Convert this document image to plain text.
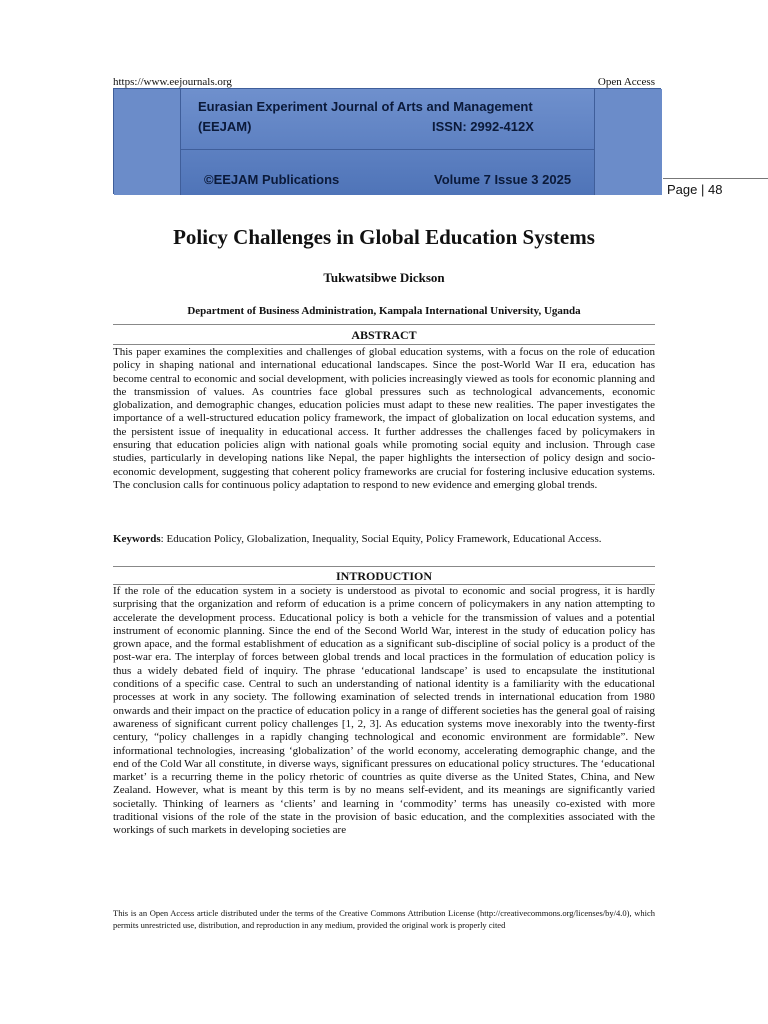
https://www.eejournals.org	Open Access
Eurasian Experiment Journal of Arts and Management
(EEJAM)	ISSN: 2992-412X
©EEJAM Publications	Volume 7 Issue 3 2025
Page | 48
Policy Challenges in Global Education Systems
Tukwatsibwe Dickson
Department of Business Administration, Kampala International University, Uganda
ABSTRACT
This paper examines the complexities and challenges of global education systems, with a focus on the role of education policy in shaping national and international educational landscapes. Since the post-World War II era, education has become central to economic and social development, with policies increasingly viewed as tools for economic planning and the transmission of values. As countries face global pressures such as technological advancements, economic globalization, and demographic changes, education policies must adapt to these new realities. The paper investigates the importance of a well-structured education policy framework, the impact of globalization on local education systems, and the persistent issue of inequality in educational access. It further addresses the challenges faced by policymakers in ensuring that education policies align with national goals while promoting social equity and inclusion. Through case studies, particularly in developing nations like Nepal, the paper highlights the intersection of policy design and socio-economic development, suggesting that coherent policy frameworks are crucial for fostering inclusive education systems. The conclusion calls for continuous policy adaptation to respond to new evidence and emerging global trends.
Keywords: Education Policy, Globalization, Inequality, Social Equity, Policy Framework, Educational Access.
INTRODUCTION
If the role of the education system in a society is understood as pivotal to economic and social progress, it is hardly surprising that the organization and reform of education is a prime concern of policymakers in any nation attempting to accelerate the development process. Educational policy is both a vehicle for the transmission of values and a potential instrument of economic planning. Since the end of the Second World War, interest in the study of education policy has grown apace, and the formal establishment of education as a significant sub-discipline of social policy is a product of the post-war era. The interplay of forces between global trends and local practices in the formulation of education policy is thus a widely debated field of inquiry. The phrase ‘educational landscape’ is used to encapsulate the institutional conditions of a specific case. Central to such an understanding of national identity is a familiarity with the educational processes at work in any society. The following examination of selected trends in international education from 1980 onwards and their impact on the practice of education policy in a range of different societies has the general goal of raising awareness of significant current policy challenges [1, 2, 3]. As education systems move inexorably into the twenty-first century, “policy challenges in a rapidly changing technological and economic environment are formidable”. New informational technologies, increasing ‘globalization’ of the world economy, accelerating demographic change, and the end of the Cold War all constitute, in diverse ways, significant pressures on educational policy structures. The ‘educational market’ is a recurring theme in the policy rhetoric of countries as quite diverse as the United States, China, and New Zealand. However, what is meant by this term is by no means self-evident, and its meanings are significantly varied societally. Thinking of learners as ‘clients’ and learning in ‘commodity’ terms has uneasily co-existed with more traditional visions of the role of the state in the provision of basic education, and the complexities associated with the workings of such markets in developing societies are
This is an Open Access article distributed under the terms of the Creative Commons Attribution License (http://creativecommons.org/licenses/by/4.0), which permits unrestricted use, distribution, and reproduction in any medium, provided the original work is properly cited
